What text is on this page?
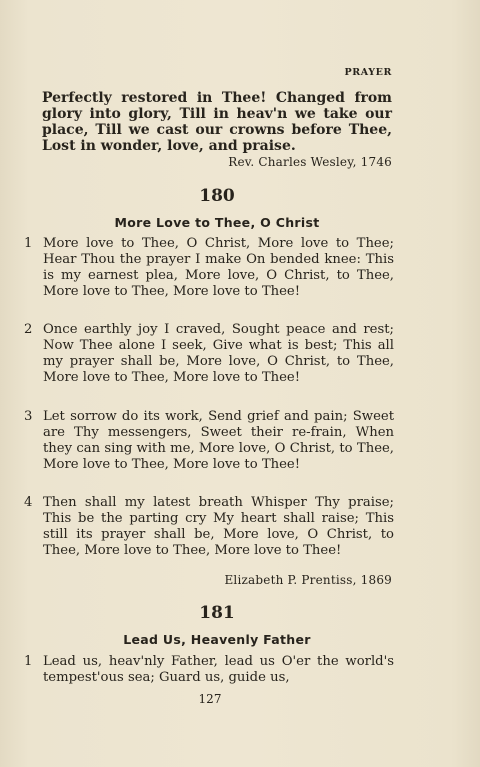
PRAYER
Perfectly restored in Thee! Changed from glory into glory, Till in heav'n we take our place, Till we cast our crowns before Thee, Lost in wonder, love, and praise.
Rev. Charles Wesley, 1746
180
More Love to Thee, O Christ
1 More love to Thee, O Christ, More love to Thee; Hear Thou the prayer I make On bended knee: This is my earnest plea, More love, O Christ, to Thee, More love to Thee, More love to Thee!
2 Once earthly joy I craved, Sought peace and rest; Now Thee alone I seek, Give what is best; This all my prayer shall be, More love, O Christ, to Thee, More love to Thee, More love to Thee!
3 Let sorrow do its work, Send grief and pain; Sweet are Thy messengers, Sweet their re-frain, When they can sing with me, More love, O Christ, to Thee, More love to Thee, More love to Thee!
4 Then shall my latest breath Whisper Thy praise; This be the parting cry My heart shall raise; This still its prayer shall be, More love, O Christ, to Thee, More love to Thee, More love to Thee!
Elizabeth P. Prentiss, 1869
181
Lead Us, Heavenly Father
1 Lead us, heav'nly Father, lead us O'er the world's tempest'ous sea; Guard us, guide us,
127
